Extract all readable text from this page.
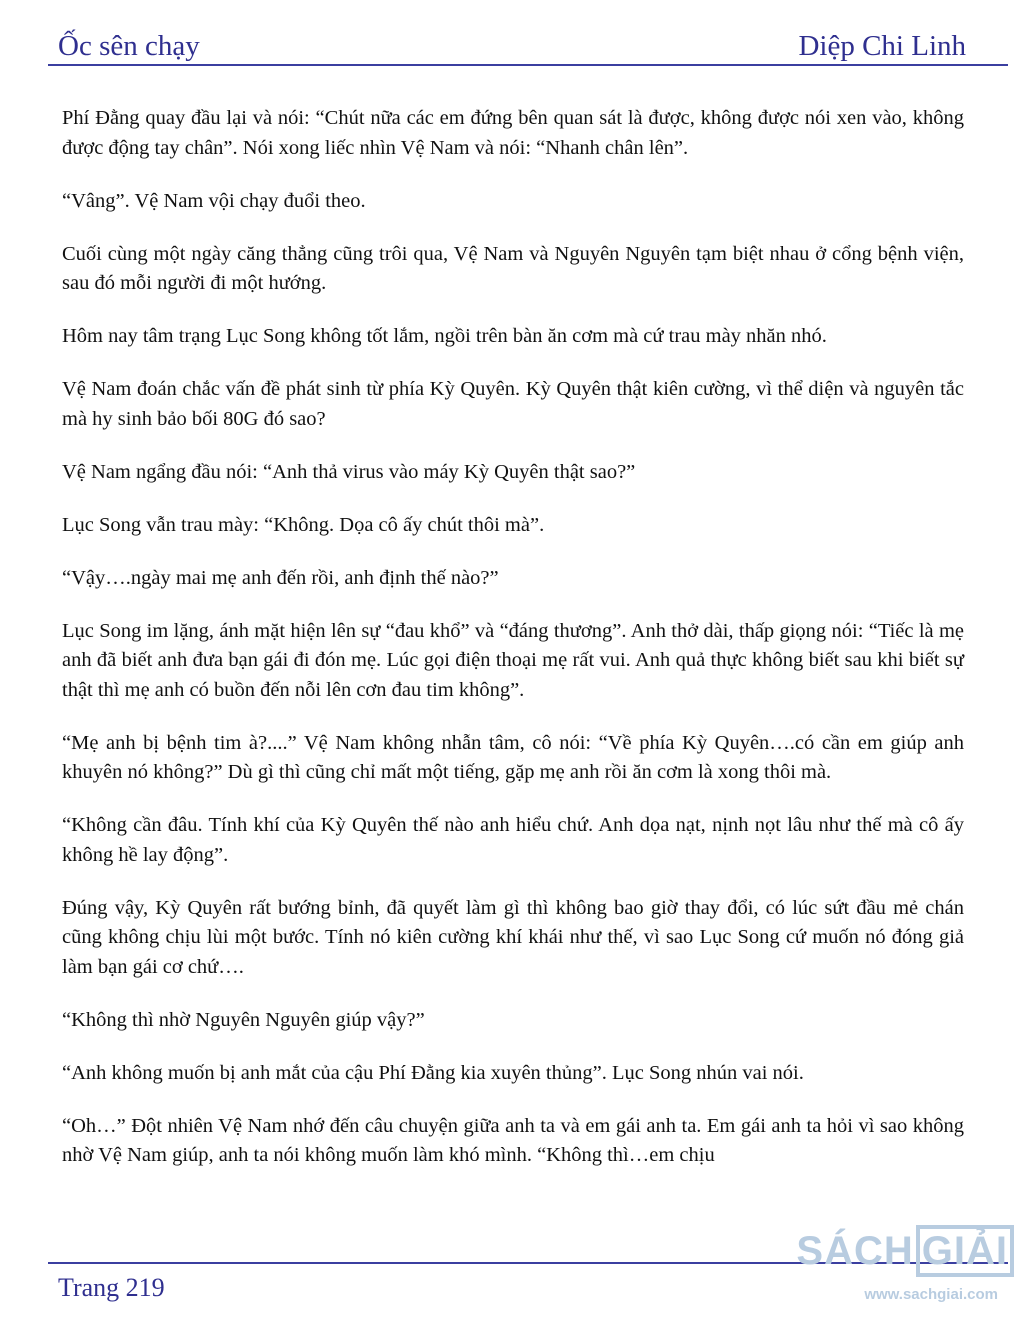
Ốc sên chạy	Diệp Chi Linh

Phí Đằng quay đầu lại và nói: “Chút nữa các em đứng bên quan sát là được, không được nói xen vào, không được động tay chân”. Nói xong liếc nhìn Vệ Nam và nói: “Nhanh chân lên”.

“Vâng”. Vệ Nam vội chạy đuổi theo.

Cuối cùng một ngày căng thẳng cũng trôi qua, Vệ Nam và Nguyên Nguyên tạm biệt nhau ở cổng bệnh viện, sau đó mỗi người đi một hướng.

Hôm nay tâm trạng Lục Song không tốt lắm, ngồi trên bàn ăn cơm mà cứ trau mày nhăn nhó.

Vệ Nam đoán chắc vấn đề phát sinh từ phía Kỳ Quyên. Kỳ Quyên thật kiên cường, vì thể diện và nguyên tắc mà hy sinh bảo bối 80G đó sao?

Vệ Nam ngẩng đầu nói: “Anh thả virus vào máy Kỳ Quyên thật sao?”

Lục Song vẫn trau mày: “Không. Dọa cô ấy chút thôi mà”.

“Vậy….ngày mai mẹ anh đến rồi, anh định thế nào?”

Lục Song im lặng, ánh mặt hiện lên sự “đau khổ” và “đáng thương”. Anh thở dài, thấp giọng nói: “Tiếc là mẹ anh đã biết anh đưa bạn gái đi đón mẹ. Lúc gọi điện thoại mẹ rất vui. Anh quả thực không biết sau khi biết sự thật thì mẹ anh có buồn đến nỗi lên cơn đau tim không”.

“Mẹ anh bị bệnh tim à?....” Vệ Nam không nhẫn tâm, cô nói: “Về phía Kỳ Quyên….có cần em giúp anh khuyên nó không?” Dù gì thì cũng chỉ mất một tiếng, gặp mẹ anh rồi ăn cơm là xong thôi mà.

“Không cần đâu. Tính khí của Kỳ Quyên thế nào anh hiểu chứ. Anh dọa nạt, nịnh nọt lâu như thế mà cô ấy không hề lay động”.

Đúng vậy, Kỳ Quyên rất bướng bỉnh, đã quyết làm gì thì không bao giờ thay đổi, có lúc sứt đầu mẻ chán cũng không chịu lùi một bước. Tính nó kiên cường khí khái như thế, vì sao Lục Song cứ muốn nó đóng giả làm bạn gái cơ chứ….

“Không thì nhờ Nguyên Nguyên giúp vậy?”

“Anh không muốn bị anh mắt của cậu Phí Đằng kia xuyên thủng”. Lục Song nhún vai nói.

“Oh…” Đột nhiên Vệ Nam nhớ đến câu chuyện giữa anh ta và em gái anh ta. Em gái anh ta hỏi vì sao không nhờ Vệ Nam giúp, anh ta nói không muốn làm khó mình. “Không thì…em chịu

Trang 219
SÁCH GIẢI
www.sachgiai.com
